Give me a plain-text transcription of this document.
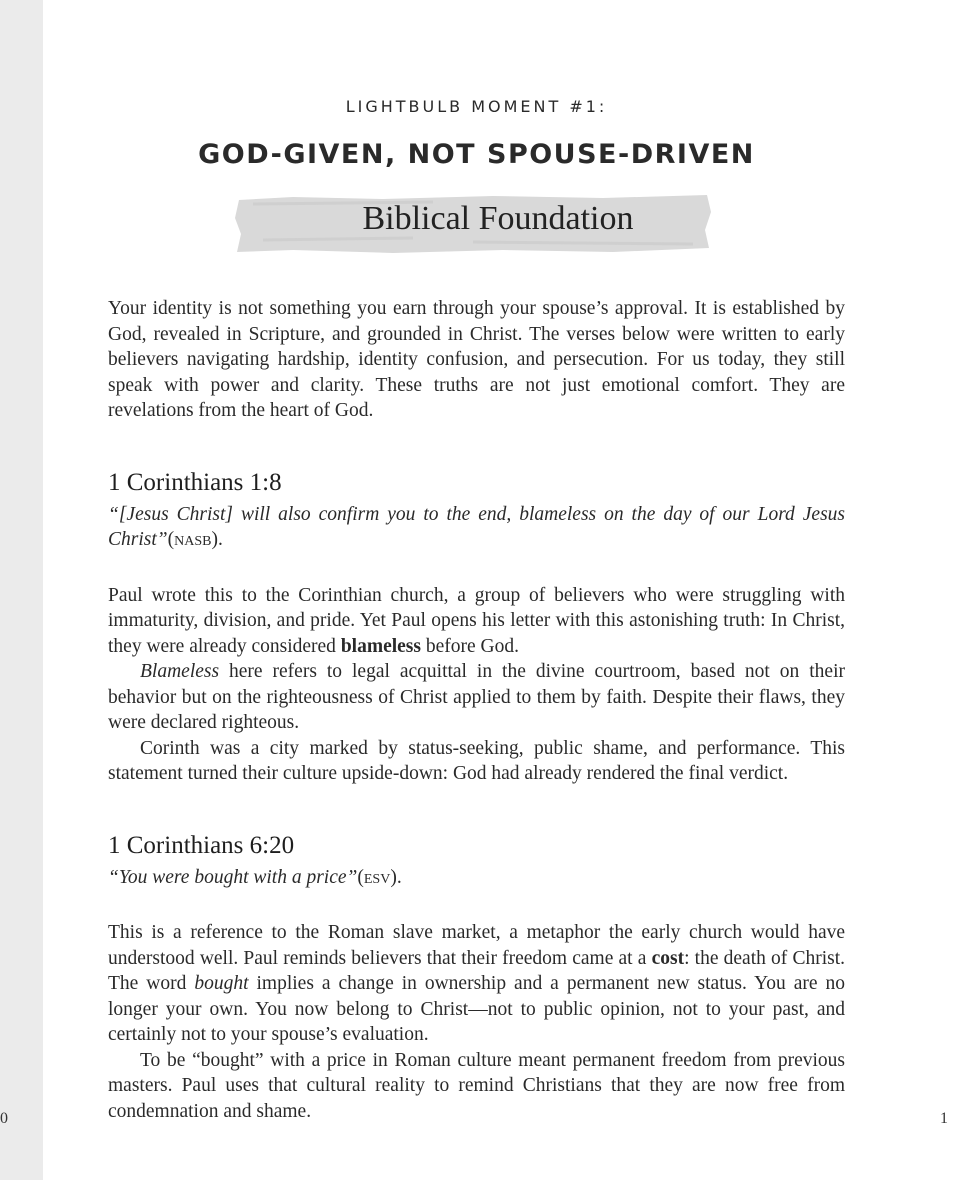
0	1
LIGHTBULB MOMENT #1:
GOD-GIVEN, NOT SPOUSE-DRIVEN
Biblical Foundation

Your identity is not something you earn through your spouse’s approval. It is established by God, revealed in Scripture, and grounded in Christ. The verses below were written to early believers navigating hardship, identity confusion, and persecution. For us today, they still speak with power and clarity. These truths are not just emotional comfort. They are revelations from the heart of God.

1 Corinthians 1:8

“[Jesus Christ] will also confirm you to the end, blameless on the day of our Lord Jesus Christ”(nasb).

Paul wrote this to the Corinthian church, a group of believers who were struggling with immaturity, division, and pride. Yet Paul opens his letter with this astonishing truth: In Christ, they were already considered blameless before God.

Blameless here refers to legal acquittal in the divine courtroom, based not on their behavior but on the righteousness of Christ applied to them by faith. Despite their flaws, they were declared righteous.

Corinth was a city marked by status-seeking, public shame, and performance. This statement turned their culture upside-down: God had already rendered the final verdict.

1 Corinthians 6:20

“You were bought with a price”(esv).

This is a reference to the Roman slave market, a metaphor the early church would have understood well. Paul reminds believers that their freedom came at a cost: the death of Christ. The word bought implies a change in ownership and a permanent new status. You are no longer your own. You now belong to Christ—not to public opinion, not to your past, and certainly not to your spouse’s evaluation.

To be “bought” with a price in Roman culture meant permanent freedom from previous masters. Paul uses that cultural reality to remind Christians that they are now free from condemnation and shame.
